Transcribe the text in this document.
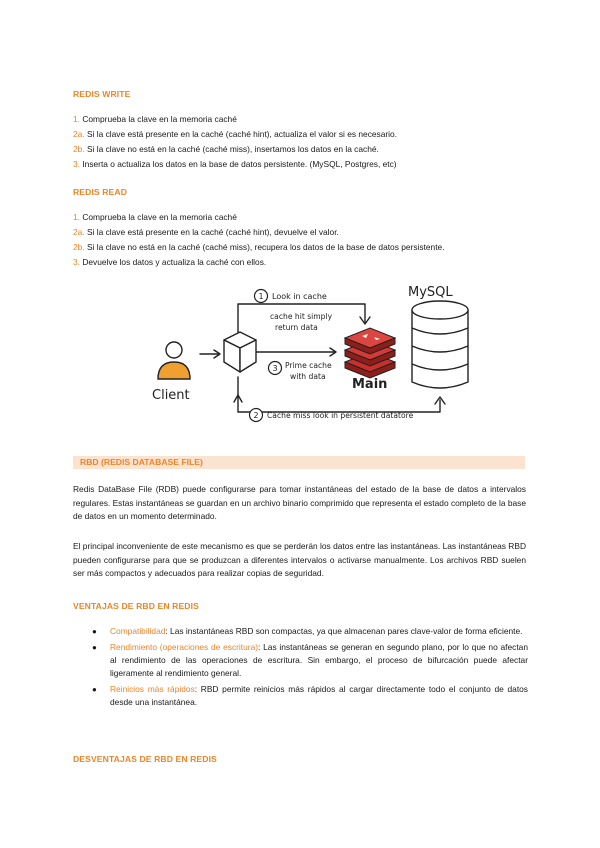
REDIS WRITE
1. Comprueba la clave en la memoria caché
2a. Si la clave está presente en la caché (caché hint), actualiza el valor si es necesario.
2b. Si la clave no está en la caché (caché miss), insertamos los datos en la caché.
3. Inserta o actualiza los datos en la base de datos persistente. (MySQL, Postgres, etc)
REDIS READ
1. Comprueba la clave en la memoria caché
2a. Si la clave está presente en la caché (caché hint), devuelve el valor.
2b. Si la clave no está en la caché (caché miss), recupera los datos de la base de datos persistente.
3. Devuelve los datos y actualiza la caché con ellos.
1
3
2
Look in cache
cache hit simply
return data
Prime cache
with data
Cache miss look in persistent datatore
Client
Main
MySQL
RBD (REDIS DATABASE FILE)
Redis DataBase File (RDB) puede configurarse para tomar instantáneas del estado de la base de datos a intervalos regulares. Estas instantáneas se guardan en un archivo binario comprimido que representa el estado completo de la base de datos en un momento determinado.
El principal inconveniente de este mecanismo es que se perderán los datos entre las instantáneas. Las instantáneas RBD pueden configurarse para que se produzcan a diferentes intervalos o activarse manualmente. Los archivos RBD suelen ser más compactos y adecuados para realizar copias de seguridad.
VENTAJAS DE RBD EN REDIS
● Compatibilidad: Las instantáneas RBD son compactas, ya que almacenan pares clave-valor de forma eficiente.
● Rendimiento (operaciones de escritura): Las instantáneas se generan en segundo plano, por lo que no afectan al rendimiento de las operaciones de escritura. Sin embargo, el proceso de bifurcación puede afectar ligeramente al rendimiento general.
● Reinicios más rápidos: RBD permite reinicios más rápidos al cargar directamente todo el conjunto de datos desde una instantánea.
DESVENTAJAS DE RBD EN REDIS
